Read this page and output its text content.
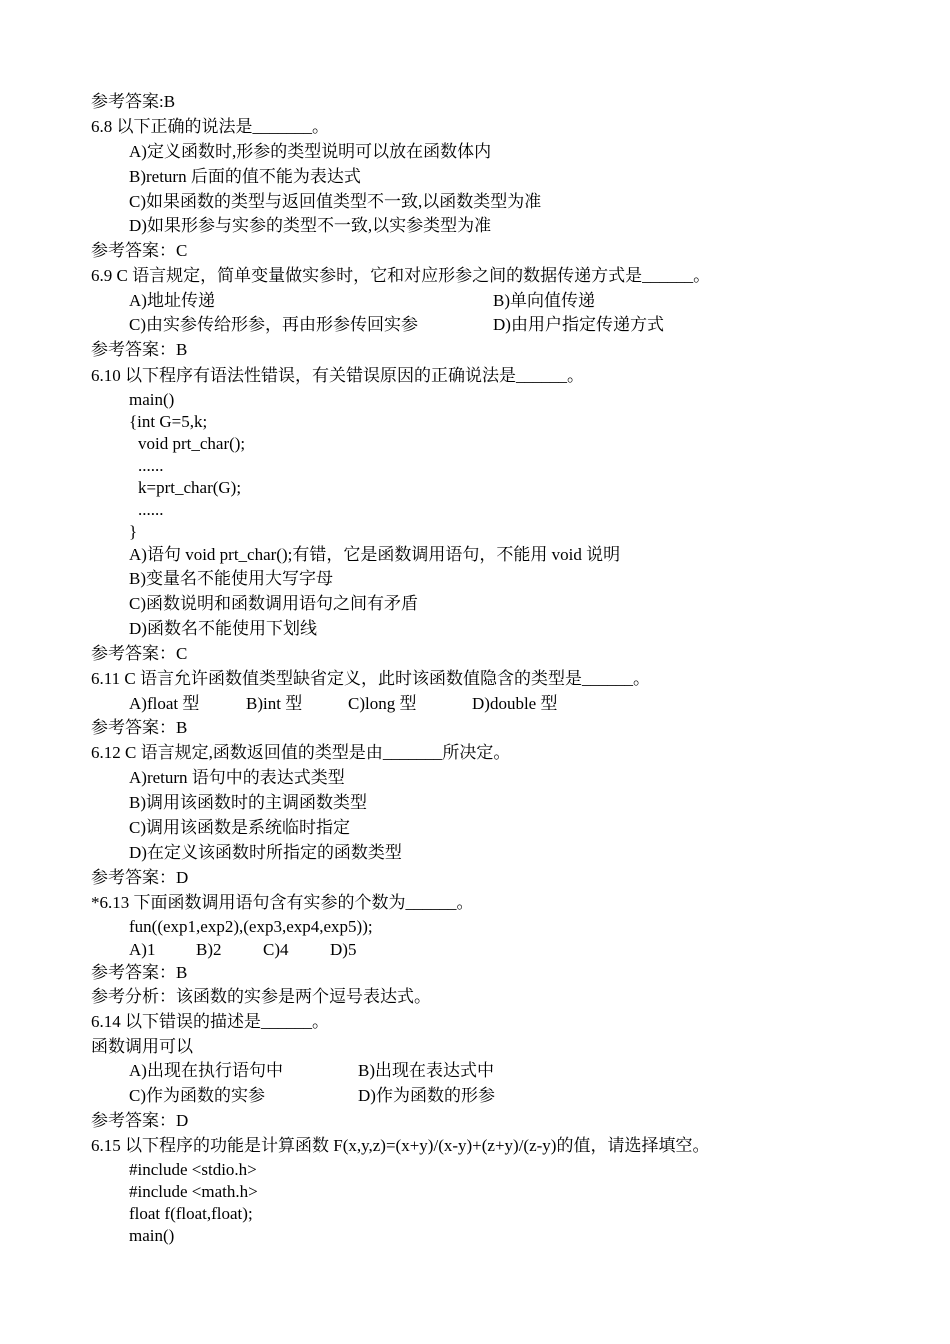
参考答案:B
6.8 以下正确的说法是_______。
A)定义函数时,形参的类型说明可以放在函数体内
B)return 后面的值不能为表达式
C)如果函数的类型与返回值类型不一致,以函数类型为准
D)如果形参与实参的类型不一致,以实参类型为准
参考答案：C
6.9 C 语言规定，简单变量做实参时，它和对应形参之间的数据传递方式是______。
A)地址传递	B)单向值传递
C)由实参传给形参，再由形参传回实参	D)由用户指定传递方式
参考答案：B
6.10 以下程序有语法性错误，有关错误原因的正确说法是______。
main()
{int G=5,k;
void prt_char();
......
k=prt_char(G);
......
}
A)语句 void prt_char();有错，它是函数调用语句，不能用 void 说明
B)变量名不能使用大写字母
C)函数说明和函数调用语句之间有矛盾
D)函数名不能使用下划线
参考答案：C
6.11 C 语言允许函数值类型缺省定义，此时该函数值隐含的类型是______。
A)float 型	B)int 型	C)long 型	D)double 型
参考答案：B
6.12 C 语言规定,函数返回值的类型是由_______所决定。
A)return 语句中的表达式类型
B)调用该函数时的主调函数类型
C)调用该函数是系统临时指定
D)在定义该函数时所指定的函数类型
参考答案：D
*6.13 下面函数调用语句含有实参的个数为______。
fun((exp1,exp2),(exp3,exp4,exp5));
A)1 B)2 C)4 D)5
参考答案：B
参考分析：该函数的实参是两个逗号表达式。
6.14 以下错误的描述是______。
函数调用可以
A)出现在执行语句中	B)出现在表达式中
C)作为函数的实参	D)作为函数的形参
参考答案：D
6.15 以下程序的功能是计算函数 F(x,y,z)=(x+y)/(x-y)+(z+y)/(z-y)的值，请选择填空。
#include <stdio.h>
#include <math.h>
float f(float,float);
main()
